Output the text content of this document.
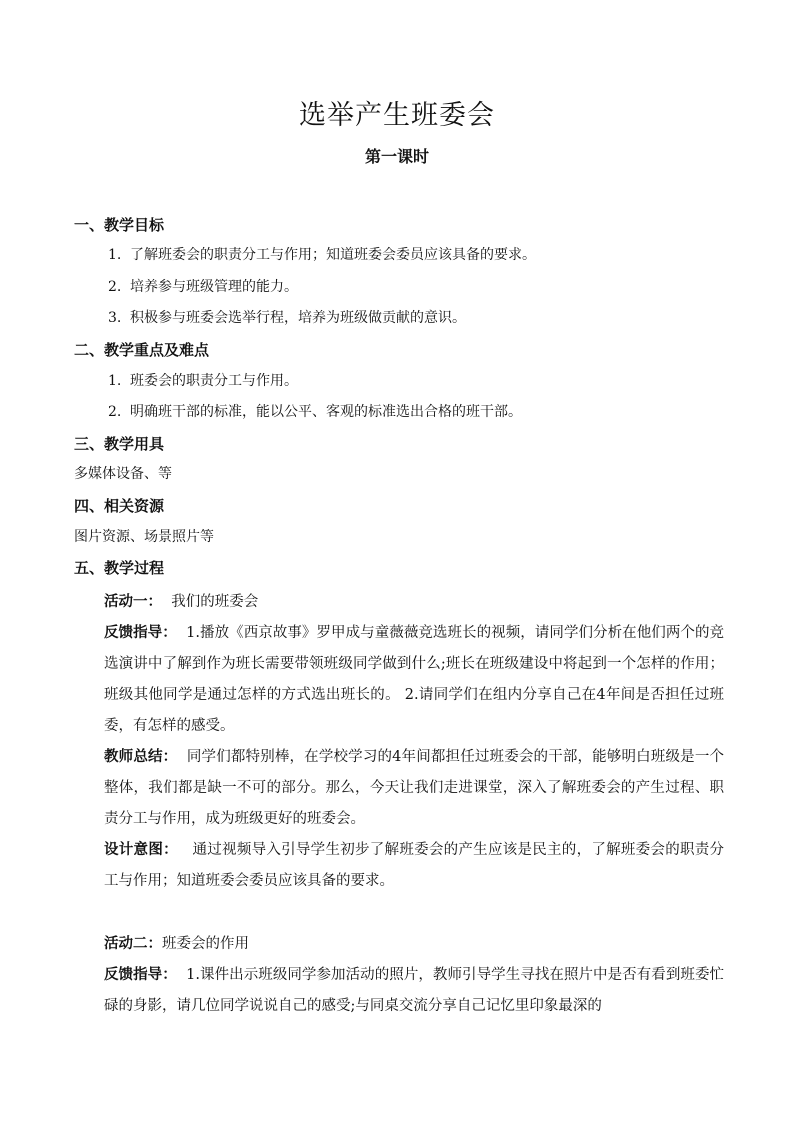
选举产生班委会
第一课时
一、教学目标
1. 了解班委会的职责分工与作用；知道班委会委员应该具备的要求。
2. 培养参与班级管理的能力。
3. 积极参与班委会选举行程，培养为班级做贡献的意识。
二、教学重点及难点
1. 班委会的职责分工与作用。
2. 明确班干部的标准，能以公平、客观的标准选出合格的班干部。
三、教学用具
多媒体设备、等
四、相关资源
图片资源、场景照片等
五、教学过程
活动一： 我们的班委会
反馈指导： 1.播放《西京故事》罗甲成与童薇薇竞选班长的视频，请同学们分析在他们两个的竞选演讲中了解到作为班长需要带领班级同学做到什么;班长在班级建设中将起到一个怎样的作用；班级其他同学是通过怎样的方式选出班长的。 2.请同学们在组内分享自己在4年间是否担任过班委，有怎样的感受。
教师总结： 同学们都特别棒，在学校学习的4年间都担任过班委会的干部，能够明白班级是一个整体，我们都是缺一不可的部分。那么，今天让我们走进课堂，深入了解班委会的产生过程、职责分工与作用，成为班级更好的班委会。
设计意图： 通过视频导入引导学生初步了解班委会的产生应该是民主的，了解班委会的职责分工与作用；知道班委会委员应该具备的要求。
活动二：班委会的作用
反馈指导： 1.课件出示班级同学参加活动的照片，教师引导学生寻找在照片中是否有看到班委忙碌的身影，请几位同学说说自己的感受;与同桌交流分享自己记忆里印象最深的
